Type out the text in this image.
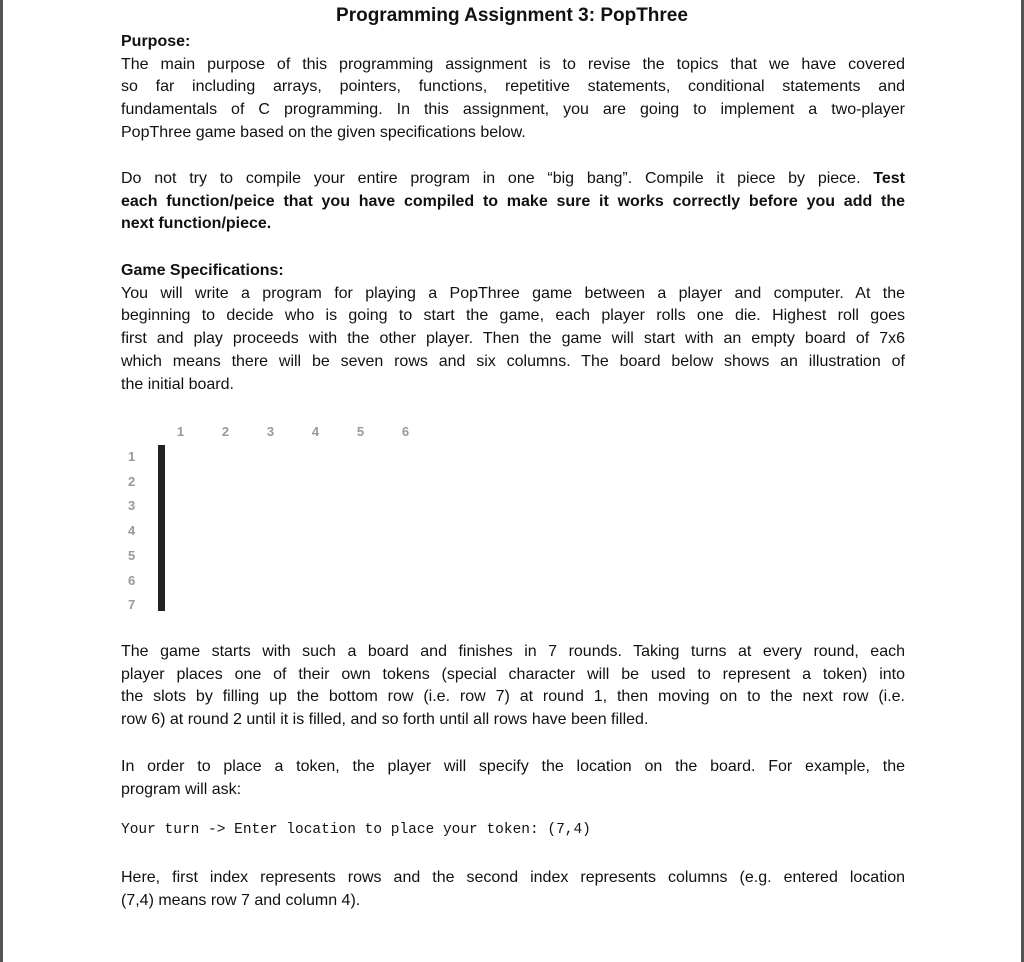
Programming Assignment 3: PopThree
Purpose:
The main purpose of this programming assignment is to revise the topics that we have covered
so far including arrays, pointers, functions, repetitive statements, conditional statements and
fundamentals of C programming. In this assignment, you are going to implement a two-player
PopThree game based on the given specifications below.
Do not try to compile your entire program in one “big bang”. Compile it piece by piece. Test
each function/peice that you have compiled to make sure it works correctly before you add the
next function/piece.
Game Specifications:
You will write a program for playing a PopThree game between a player and computer. At the
beginning to decide who is going to start the game, each player rolls one die. Highest roll goes
first and play proceeds with the other player. Then the game will start with an empty board of 7x6
which means there will be seven rows and six columns. The board below shows an illustration of
the initial board.
1	2	3	4	5	6
1
2
3
4
5
6
7

The game starts with such a board and finishes in 7 rounds. Taking turns at every round, each
player places one of their own tokens (special character will be used to represent a token) into
the slots by filling up the bottom row (i.e. row 7) at round 1, then moving on to the next row (i.e.
row 6) at round 2 until it is filled, and so forth until all rows have been filled.
In order to place a token, the player will specify the location on the board. For example, the
program will ask:
Your turn -> Enter location to place your token: (7,4)
Here, first index represents rows and the second index represents columns (e.g. entered location
(7,4) means row 7 and column 4).
